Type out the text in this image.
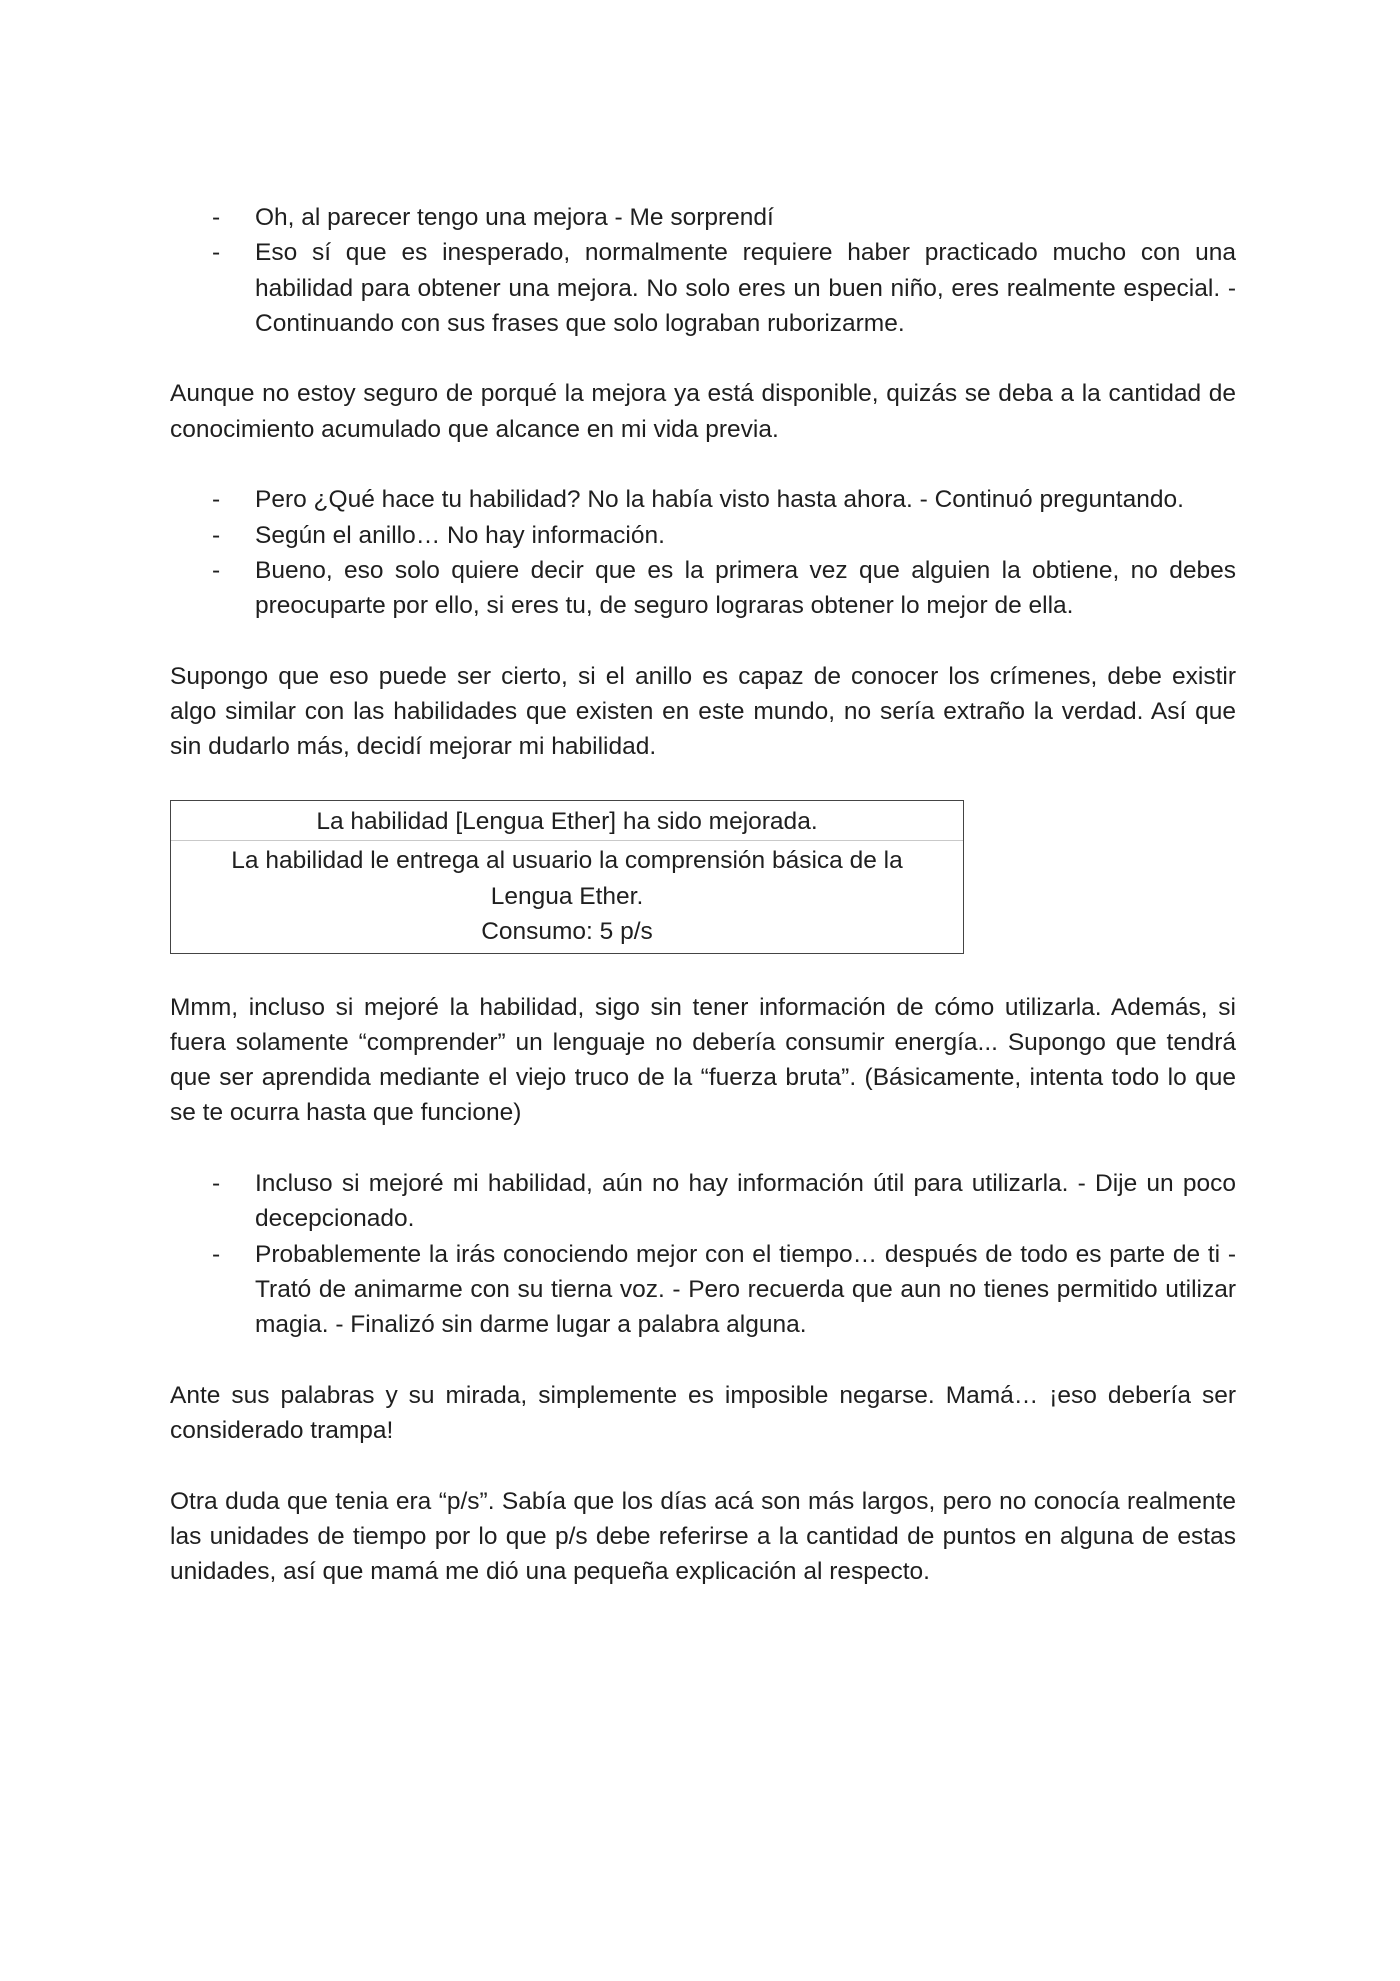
- Oh, al parecer tengo una mejora - Me sorprendí
- Eso sí que es inesperado, normalmente requiere haber practicado mucho con una habilidad para obtener una mejora. No solo eres un buen niño, eres realmente especial. - Continuando con sus frases que solo lograban ruborizarme.

Aunque no estoy seguro de porqué la mejora ya está disponible, quizás se deba a la cantidad de conocimiento acumulado que alcance en mi vida previa.

- Pero ¿Qué hace tu habilidad? No la había visto hasta ahora. - Continuó preguntando.
- Según el anillo… No hay información.
- Bueno, eso solo quiere decir que es la primera vez que alguien la obtiene, no debes preocuparte por ello, si eres tu, de seguro lograras obtener lo mejor de ella.

Supongo que eso puede ser cierto, si el anillo es capaz de conocer los crímenes, debe existir algo similar con las habilidades que existen en este mundo, no sería extraño la verdad. Así que sin dudarlo más, decidí mejorar mi habilidad.

La habilidad [Lengua Ether] ha sido mejorada.
La habilidad le entrega al usuario la comprensión básica de la Lengua Ether.
Consumo: 5 p/s

Mmm, incluso si mejoré la habilidad, sigo sin tener información de cómo utilizarla. Además, si fuera solamente “comprender” un lenguaje no debería consumir energía... Supongo que tendrá que ser aprendida mediante el viejo truco de la “fuerza bruta”. (Básicamente, intenta todo lo que se te ocurra hasta que funcione)

- Incluso si mejoré mi habilidad, aún no hay información útil para utilizarla. - Dije un poco decepcionado.
- Probablemente la irás conociendo mejor con el tiempo… después de todo es parte de ti - Trató de animarme con su tierna voz. - Pero recuerda que aun no tienes permitido utilizar magia. - Finalizó sin darme lugar a palabra alguna.

Ante sus palabras y su mirada, simplemente es imposible negarse. Mamá… ¡eso debería ser considerado trampa!

Otra duda que tenia era “p/s”. Sabía que los días acá son más largos, pero no conocía realmente las unidades de tiempo por lo que p/s debe referirse a la cantidad de puntos en alguna de estas unidades, así que mamá me dió una pequeña explicación al respecto.
